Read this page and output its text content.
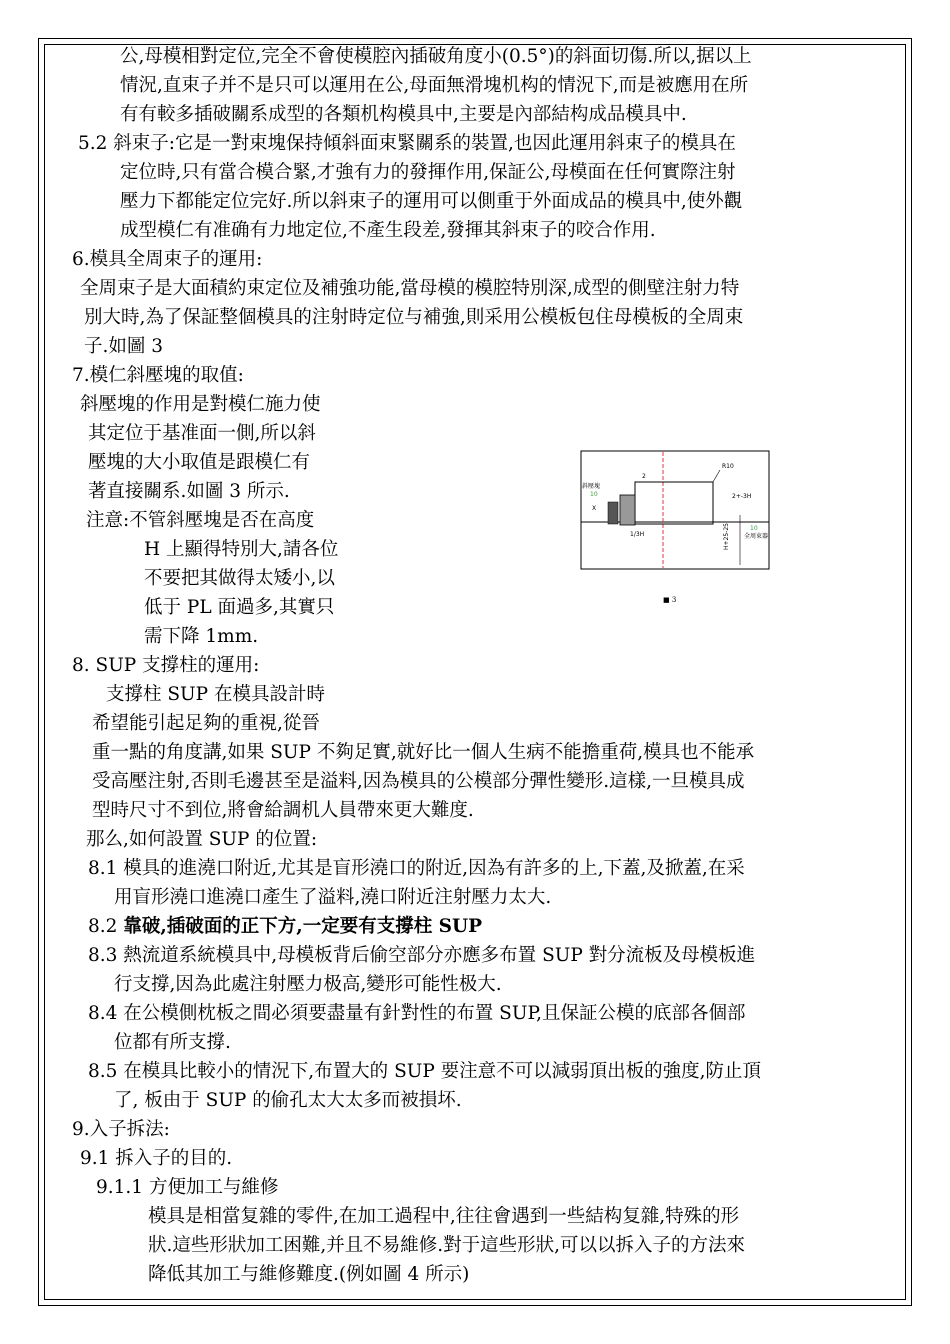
公,母模相對定位,完全不會使模腔內插破角度小(0.5°)的斜面切傷.所以,据以上
情況,直束子并不是只可以運用在公,母面無滑塊机构的情況下,而是被應用在所
有有較多插破關系成型的各類机构模具中,主要是內部結构成品模具中.
5.2 斜束子:它是一對束塊保持傾斜面束緊關系的裝置,也因此運用斜束子的模具在
定位時,只有當合模合緊,才強有力的發揮作用,保証公,母模面在任何實際注射
壓力下都能定位完好.所以斜束子的運用可以側重于外面成品的模具中,使外觀
成型模仁有准确有力地定位,不產生段差,發揮其斜束子的咬合作用.
6.模具全周束子的運用:
全周束子是大面積約束定位及補強功能,當母模的模腔特別深,成型的側壁注射力特
別大時,為了保証整個模具的注射時定位与補強,則采用公模板包住母模板的全周束
子.如圖 3
7.模仁斜壓塊的取值:
斜壓塊的作用是對模仁施力使
其定位于基准面一側,所以斜
壓塊的大小取值是跟模仁有
著直接關系.如圖 3 所示.
注意:不管斜壓塊是否在高度
H 上顯得特別大,請各位
不要把其做得太矮小,以
低于 PL 面過多,其實只
需下降 1mm.
8. SUP 支撐柱的運用:
支撐柱 SUP 在模具設計時
希望能引起足夠的重視,從晉
重一點的角度講,如果 SUP 不夠足實,就好比一個人生病不能擔重荷,模具也不能承
受高壓注射,否則毛邊甚至是溢料,因為模具的公模部分彈性變形.這樣,一旦模具成
型時尺寸不到位,將會給調机人員帶來更大難度.
那么,如何設置 SUP 的位置:
8.1 模具的進澆口附近,尤其是盲形澆口的附近,因為有許多的上,下蓋,及掀蓋,在采
用盲形澆口進澆口產生了溢料,澆口附近注射壓力太大.
8.2 靠破,插破面的正下方,一定要有支撐柱 SUP
8.3 熱流道系統模具中,母模板背后偷空部分亦應多布置 SUP 對分流板及母模板進
行支撐,因為此處注射壓力极高,變形可能性极大.
8.4 在公模側枕板之間必須要盡量有針對性的布置 SUP,且保証公模的底部各個部
位都有所支撐.
8.5 在模具比較小的情況下,布置大的 SUP 要注意不可以減弱頂出板的強度,防止頂
了, 板由于 SUP 的偷孔太大太多而被損坏.
9.入子拆法:
9.1 拆入子的目的.
9.1.1 方便加工与維修
模具是相當复雜的零件,在加工過程中,往往會遇到一些結构复雜,特殊的形
狀.這些形狀加工困難,并且不易維修.對于這些形狀,可以以拆入子的方法來
降低其加工与維修難度.(例如圖 4 所示)
斜壓塊
10
X
R10
2
2+-3H
1/3H
10
全周束器
H+25-25
■ 3
